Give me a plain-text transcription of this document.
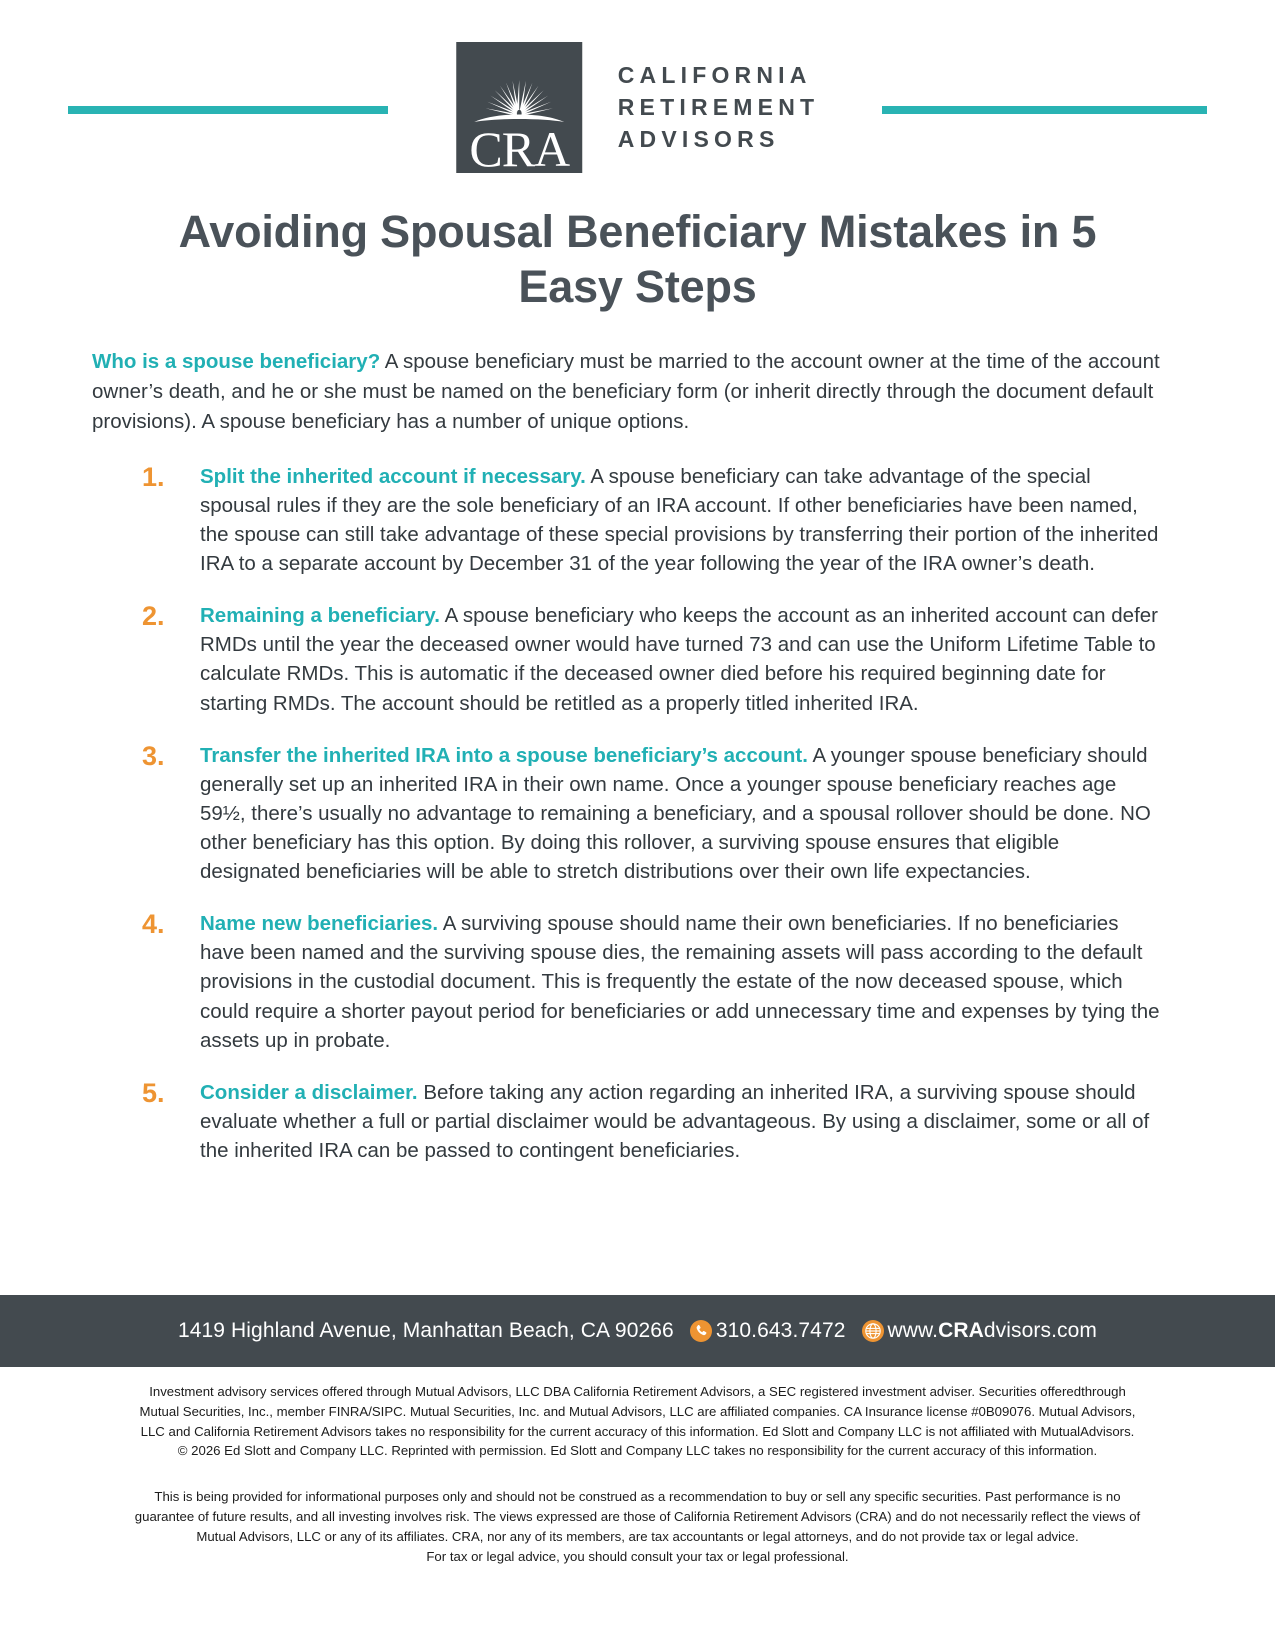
CRA
CALIFORNIA
RETIREMENT
ADVISORS
Avoiding Spousal Beneficiary Mistakes in 5 Easy Steps

Who is a spouse beneficiary? A spouse beneficiary must be married to the account owner at the time of the account owner’s death, and he or she must be named on the beneficiary form (or inherit directly through the document default provisions). A spouse beneficiary has a number of unique options.

1.	Split the inherited account if necessary. A spouse beneficiary can take advantage of the special spousal rules if they are the sole beneficiary of an IRA account. If other beneficiaries have been named, the spouse can still take advantage of these special provisions by transferring their portion of the inherited IRA to a separate account by December 31 of the year following the year of the IRA owner’s death.
2.	Remaining a beneficiary. A spouse beneficiary who keeps the account as an inherited account can defer RMDs until the year the deceased owner would have turned 73 and can use the Uniform Lifetime Table to calculate RMDs. This is automatic if the deceased owner died before his required beginning date for starting RMDs. The account should be retitled as a properly titled inherited IRA.
3.	Transfer the inherited IRA into a spouse beneficiary’s account. A younger spouse beneficiary should generally set up an inherited IRA in their own name. Once a younger spouse beneficiary reaches age 59½, there’s usually no advantage to remaining a beneficiary, and a spousal rollover should be done. NO other beneficiary has this option. By doing this rollover, a surviving spouse ensures that eligible designated beneficiaries will be able to stretch distributions over their own life expectancies.
4.	Name new beneficiaries. A surviving spouse should name their own beneficiaries. If no beneficiaries have been named and the surviving spouse dies, the remaining assets will pass according to the default provisions in the custodial document. This is frequently the estate of the now deceased spouse, which could require a shorter payout period for beneficiaries or add unnecessary time and expenses by tying the assets up in probate.
5.	Consider a disclaimer. Before taking any action regarding an inherited IRA, a surviving spouse should evaluate whether a full or partial disclaimer would be advantageous. By using a disclaimer, some or all of the inherited IRA can be passed to contingent beneficiaries.
1419 Highland Avenue, Manhattan Beach, CA 90266 310.643.7472 www.CRAdvisors.com

Investment advisory services offered through Mutual Advisors, LLC DBA California Retirement Advisors, a SEC registered investment adviser. Securities offeredthrough

Mutual Securities, Inc., member FINRA/SIPC. Mutual Securities, Inc. and Mutual Advisors, LLC are affiliated companies. CA Insurance license #0B09076. Mutual Advisors,

LLC and California Retirement Advisors takes no responsibility for the current accuracy of this information. Ed Slott and Company LLC is not affiliated with MutualAdvisors.

© 2026 Ed Slott and Company LLC. Reprinted with permission. Ed Slott and Company LLC takes no responsibility for the current accuracy of this information.

This is being provided for informational purposes only and should not be construed as a recommendation to buy or sell any specific securities. Past performance is no

guarantee of future results, and all investing involves risk. The views expressed are those of California Retirement Advisors (CRA) and do not necessarily reflect the views of

Mutual Advisors, LLC or any of its affiliates. CRA, nor any of its members, are tax accountants or legal attorneys, and do not provide tax or legal advice.

For tax or legal advice, you should consult your tax or legal professional.
